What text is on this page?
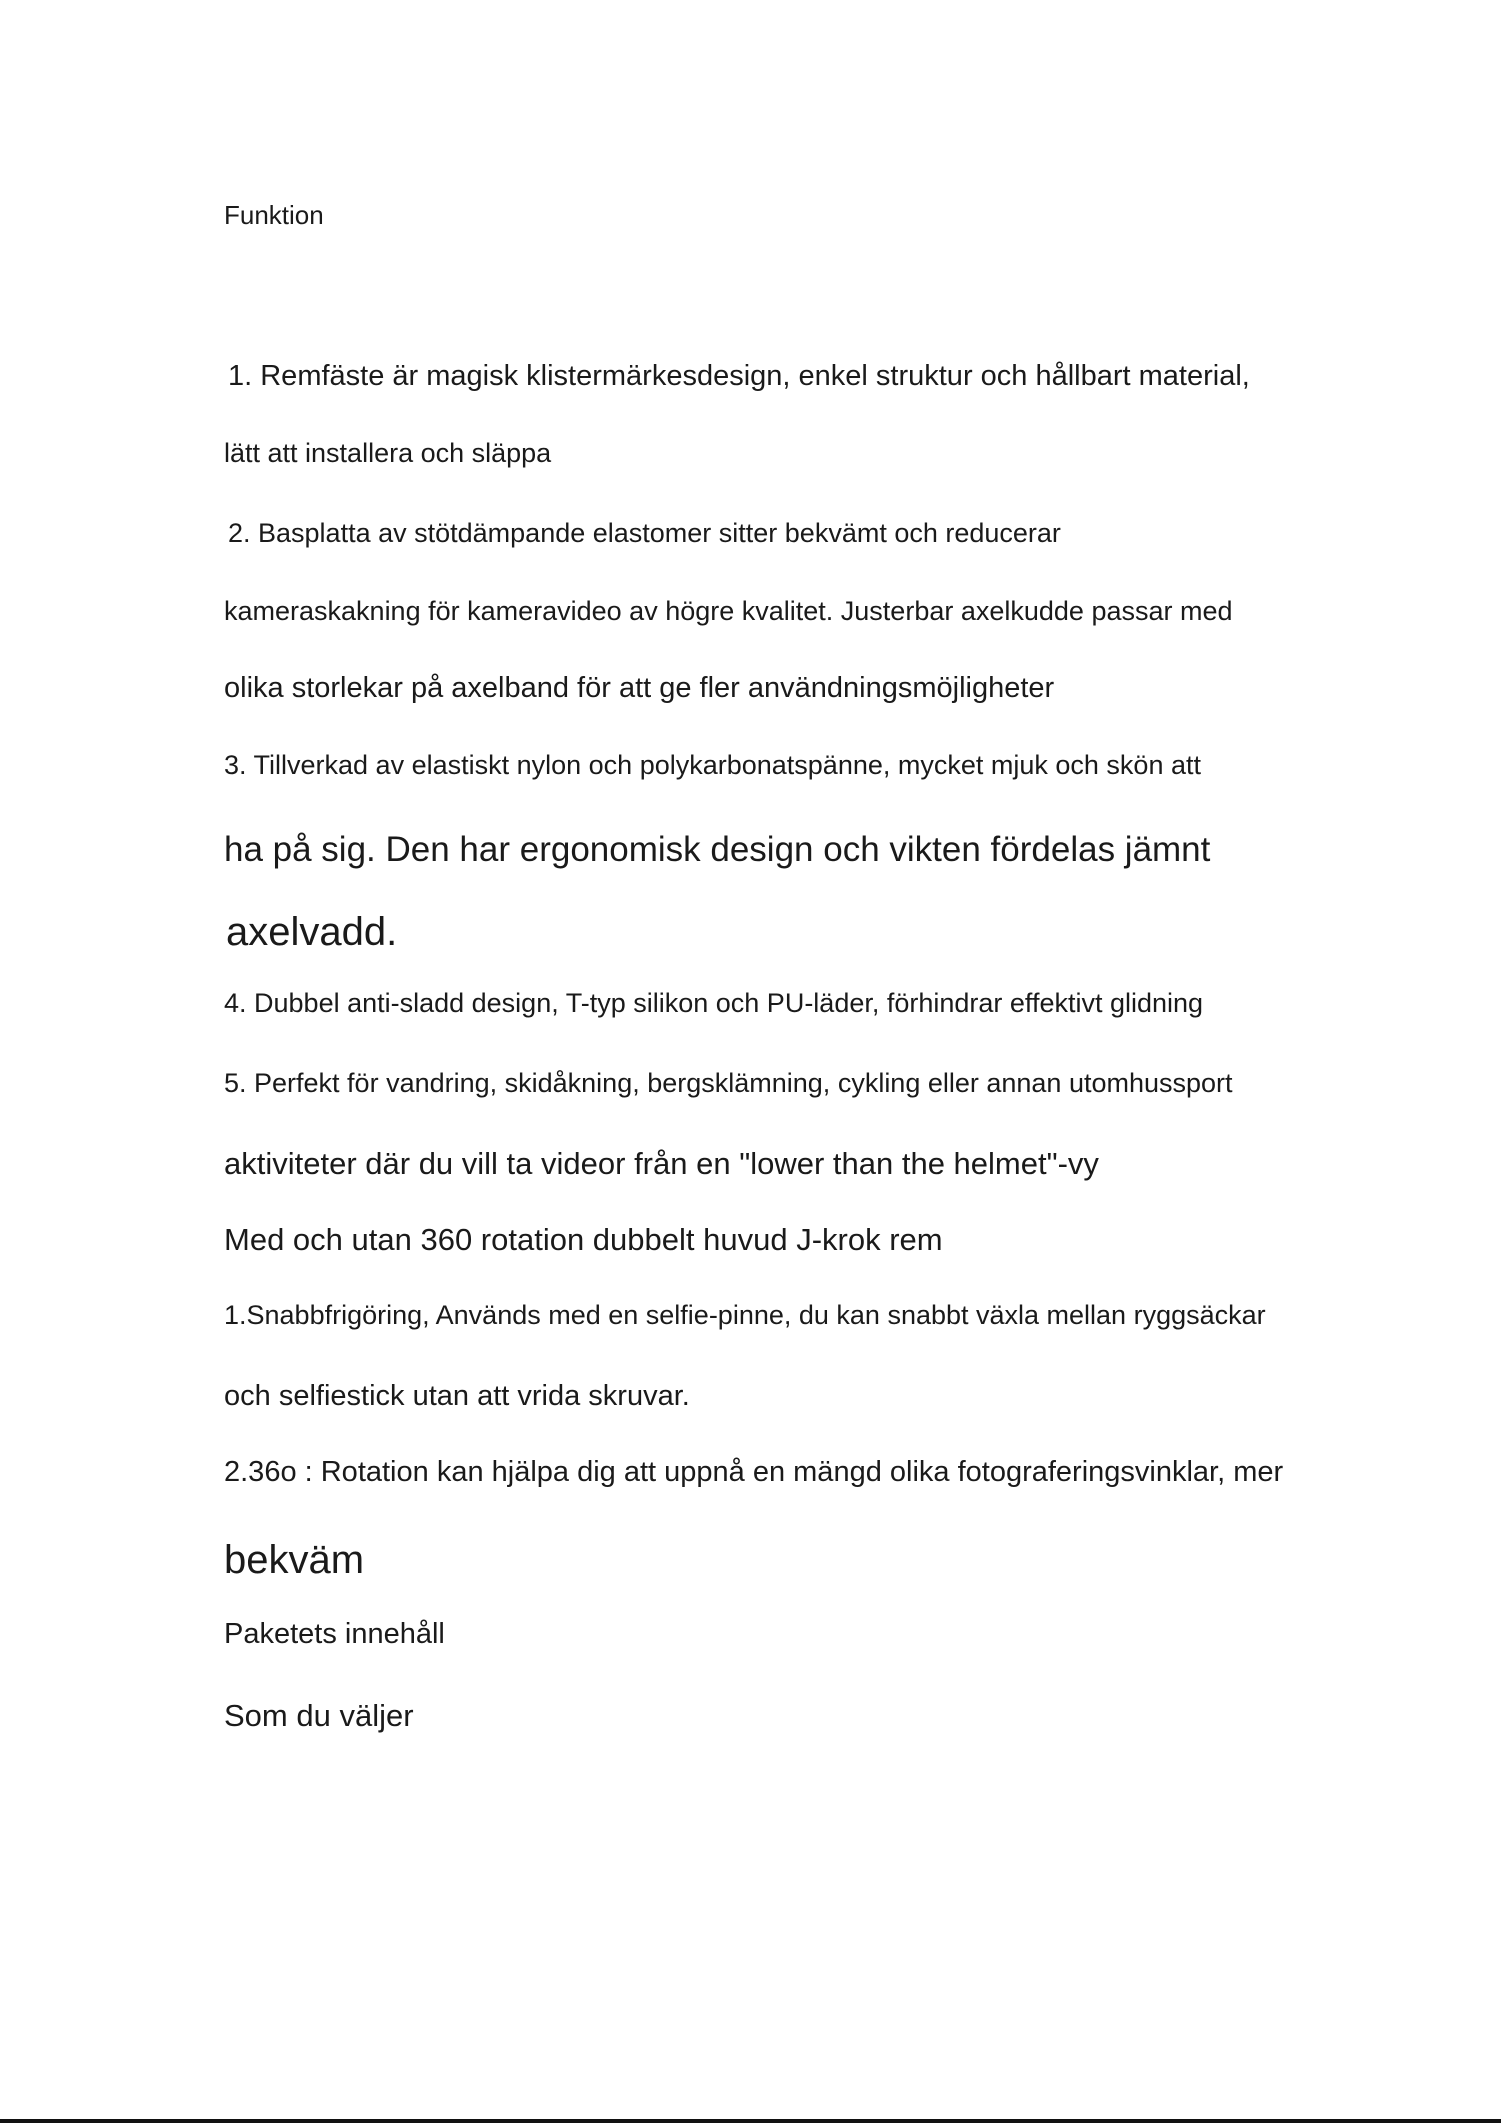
Funktion

1. Remfäste är magisk klistermärkesdesign, enkel struktur och hållbart material,

lätt att installera och släppa

2. Basplatta av stötdämpande elastomer sitter bekvämt och reducerar

kameraskakning för kameravideo av högre kvalitet. Justerbar axelkudde passar med

olika storlekar på axelband för att ge fler användningsmöjligheter

3. Tillverkad av elastiskt nylon och polykarbonatspänne, mycket mjuk och skön att

ha på sig. Den har ergonomisk design och vikten fördelas jämnt

axelvadd.

4. Dubbel anti-sladd design, T-typ silikon och PU-läder, förhindrar effektivt glidning

5. Perfekt för vandring, skidåkning, bergsklämning, cykling eller annan utomhussport

aktiviteter där du vill ta videor från en "lower than the helmet"-vy

Med och utan 360 rotation dubbelt huvud J-krok rem

1.Snabbfrigöring, Används med en selfie-pinne, du kan snabbt växla mellan ryggsäckar

och selfiestick utan att vrida skruvar.

2.36o : Rotation kan hjälpa dig att uppnå en mängd olika fotograferingsvinklar, mer

bekväm

Paketets innehåll

Som du väljer
